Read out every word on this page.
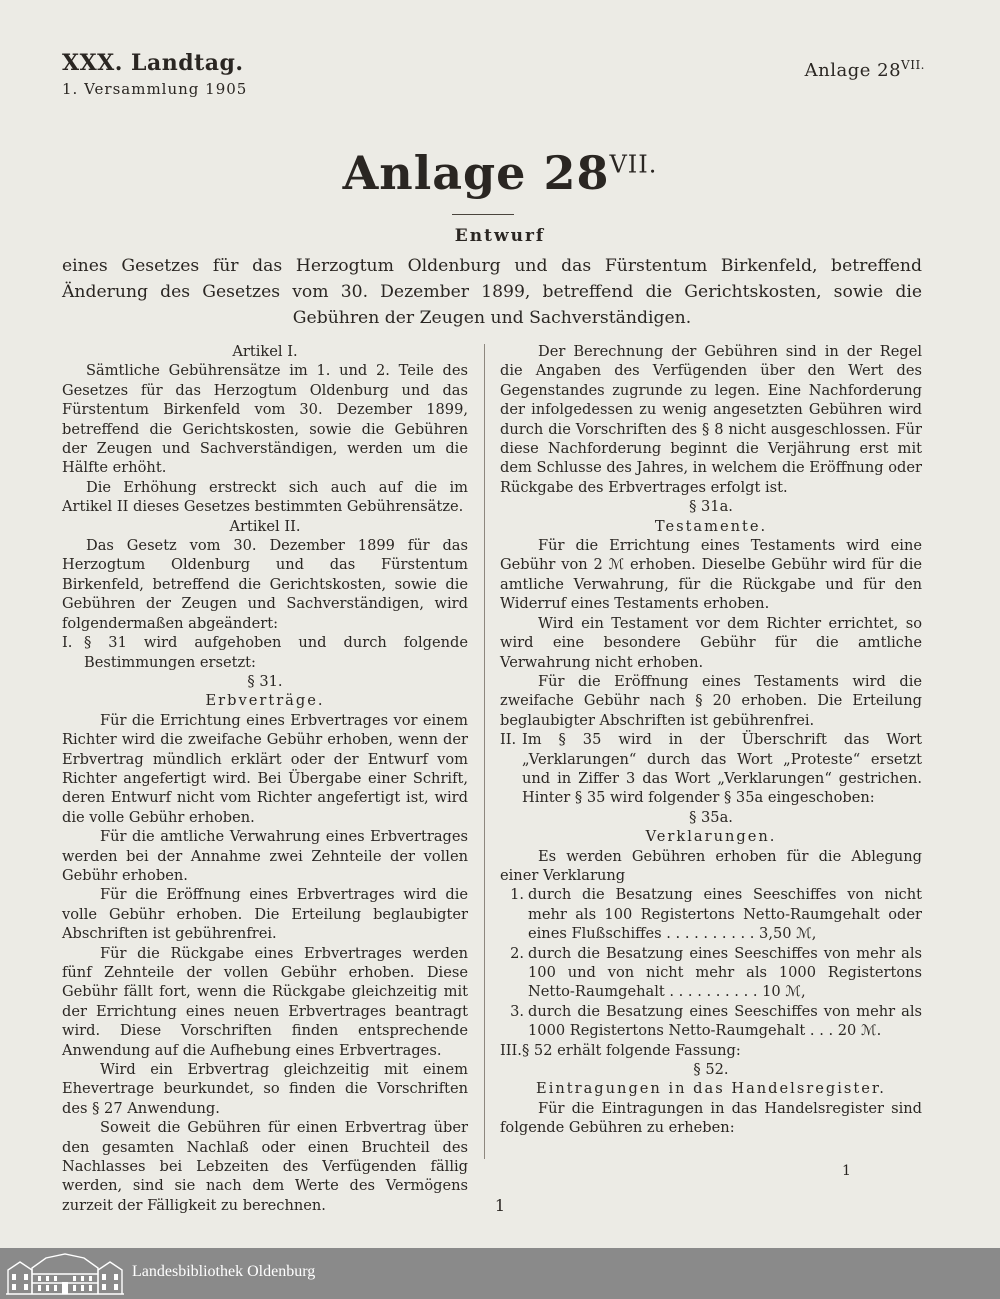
XXX. Landtag.
1. Versammlung 1905
Anlage $28^{VII.}$
Anlage $28^{VII.}$
Entwurf
eines Gesetzes für das Herzogtum Oldenburg und das Fürstentum Birkenfeld, betreffend Änderung des Gesetzes vom 30. Dezember 1899, betreffend die Gerichtskosten, sowie die Gebühren der Zeugen und Sachverständigen.

Artikel I.

Sämtliche Gebührensätze im 1. und 2. Teile des Gesetzes für das Herzogtum Oldenburg und das Fürstentum Birkenfeld vom 30. Dezember 1899, betreffend die Gerichtskosten, sowie die Gebühren der Zeugen und Sachverständigen, werden um die Hälfte erhöht.

Die Erhöhung erstreckt sich auch auf die im Artikel II dieses Gesetzes bestimmten Gebührensätze.

Artikel II.

Das Gesetz vom 30. Dezember 1899 für das Herzogtum Oldenburg und das Fürstentum Birkenfeld, betreffend die Gerichtskosten, sowie die Gebühren der Zeugen und Sachverständigen, wird folgendermaßen abgeändert:

I. § 31 wird aufgehoben und durch folgende Bestimmungen ersetzt:

§ 31.

Erbverträge.

Für die Errichtung eines Erbvertrages vor einem Richter wird die zweifache Gebühr erhoben, wenn der Erbvertrag mündlich erklärt oder der Entwurf vom Richter angefertigt wird. Bei Übergabe einer Schrift, deren Entwurf nicht vom Richter angefertigt ist, wird die volle Gebühr erhoben.

Für die amtliche Verwahrung eines Erbvertrages werden bei der Annahme zwei Zehnteile der vollen Gebühr erhoben.

Für die Eröffnung eines Erbvertrages wird die volle Gebühr erhoben. Die Erteilung beglaubigter Abschriften ist gebührenfrei.

Für die Rückgabe eines Erbvertrages werden fünf Zehnteile der vollen Gebühr erhoben. Diese Gebühr fällt fort, wenn die Rückgabe gleichzeitig mit der Errichtung eines neuen Erbvertrages beantragt wird. Diese Vorschriften finden entsprechende Anwendung auf die Aufhebung eines Erbvertrages.

Wird ein Erbvertrag gleichzeitig mit einem Ehevertrage beurkundet, so finden die Vorschriften des § 27 Anwendung.

Soweit die Gebühren für einen Erbvertrag über den gesamten Nachlaß oder einen Bruchteil des Nachlasses bei Lebzeiten des Verfügenden fällig werden, sind sie nach dem Werte des Vermögens zurzeit der Fälligkeit zu berechnen.

Der Berechnung der Gebühren sind in der Regel die Angaben des Verfügenden über den Wert des Gegenstandes zugrunde zu legen. Eine Nachforderung der infolgedessen zu wenig angesetzten Gebühren wird durch die Vorschriften des § 8 nicht ausgeschlossen. Für diese Nachforderung beginnt die Verjährung erst mit dem Schlusse des Jahres, in welchem die Eröffnung oder Rückgabe des Erbvertrages erfolgt ist.

§ 31a.

Testamente.

Für die Errichtung eines Testaments wird eine Gebühr von 2 ℳ erhoben. Dieselbe Gebühr wird für die amtliche Verwahrung, für die Rückgabe und für den Widerruf eines Testaments erhoben.

Wird ein Testament vor dem Richter errichtet, so wird eine besondere Gebühr für die amtliche Verwahrung nicht erhoben.

Für die Eröffnung eines Testaments wird die zweifache Gebühr nach § 20 erhoben. Die Erteilung beglaubigter Abschriften ist gebührenfrei.

II. Im § 35 wird in der Überschrift das Wort „Verklarungen“ durch das Wort „Proteste“ ersetzt und in Ziffer 3 das Wort „Verklarungen“ gestrichen. Hinter § 35 wird folgender § 35a eingeschoben:

§ 35a.

Verklarungen.

Es werden Gebühren erhoben für die Ablegung einer Verklarung

1. durch die Besatzung eines Seeschiffes von nicht mehr als 100 Registertons Netto-Raumgehalt oder eines Flußschiffes . . . . . . . . . . 3,50 ℳ,
2. durch die Besatzung eines Seeschiffes von mehr als 100 und von nicht mehr als 1000 Registertons Netto-Raumgehalt . . . . . . . . . . 10 ℳ,
3. durch die Besatzung eines Seeschiffes von mehr als 1000 Registertons Netto-Raumgehalt . . . 20 ℳ.
III. § 52 erhält folgende Fassung:

§ 52.

Eintragungen in das Handelsregister.

Für die Eintragungen in das Handelsregister sind folgende Gebühren zu erheben:

1
1
Landesbibliothek Oldenburg
